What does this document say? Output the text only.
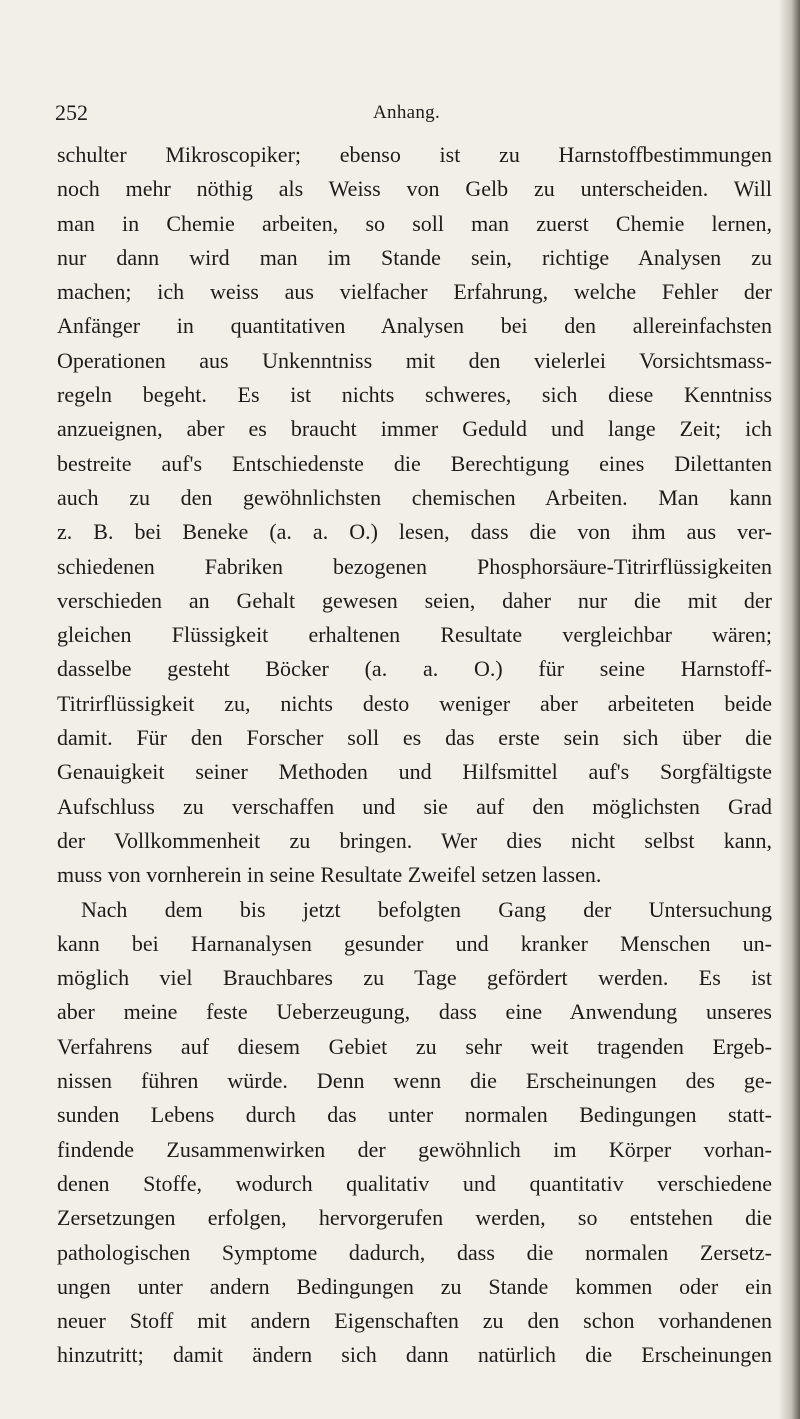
252	Anhang.
schulter Mikroscopiker; ebenso ist zu Harnstoffbestimmungen
noch mehr nöthig als Weiss von Gelb zu unterscheiden. Will
man in Chemie arbeiten, so soll man zuerst Chemie lernen,
nur dann wird man im Stande sein, richtige Analysen zu
machen; ich weiss aus vielfacher Erfahrung, welche Fehler der
Anfänger in quantitativen Analysen bei den allereinfachsten
Operationen aus Unkenntniss mit den vielerlei Vorsichtsmass-
regeln begeht. Es ist nichts schweres, sich diese Kenntniss
anzueignen, aber es braucht immer Geduld und lange Zeit; ich
bestreite auf's Entschiedenste die Berechtigung eines Dilettanten
auch zu den gewöhnlichsten chemischen Arbeiten. Man kann
z. B. bei Beneke (a. a. O.) lesen, dass die von ihm aus ver-
schiedenen Fabriken bezogenen Phosphorsäure-Titrirflüssigkeiten
verschieden an Gehalt gewesen seien, daher nur die mit der
gleichen Flüssigkeit erhaltenen Resultate vergleichbar wären;
dasselbe gesteht Böcker (a. a. O.) für seine Harnstoff-
Titrirflüssigkeit zu, nichts desto weniger aber arbeiteten beide
damit. Für den Forscher soll es das erste sein sich über die
Genauigkeit seiner Methoden und Hilfsmittel auf's Sorgfältigste
Aufschluss zu verschaffen und sie auf den möglichsten Grad
der Vollkommenheit zu bringen. Wer dies nicht selbst kann,
muss von vornherein in seine Resultate Zweifel setzen lassen.
Nach dem bis jetzt befolgten Gang der Untersuchung
kann bei Harnanalysen gesunder und kranker Menschen un-
möglich viel Brauchbares zu Tage gefördert werden. Es ist
aber meine feste Ueberzeugung, dass eine Anwendung unseres
Verfahrens auf diesem Gebiet zu sehr weit tragenden Ergeb-
nissen führen würde. Denn wenn die Erscheinungen des ge-
sunden Lebens durch das unter normalen Bedingungen statt-
findende Zusammenwirken der gewöhnlich im Körper vorhan-
denen Stoffe, wodurch qualitativ und quantitativ verschiedene
Zersetzungen erfolgen, hervorgerufen werden, so entstehen die
pathologischen Symptome dadurch, dass die normalen Zersetz-
ungen unter andern Bedingungen zu Stande kommen oder ein
neuer Stoff mit andern Eigenschaften zu den schon vorhandenen
hinzutritt; damit ändern sich dann natürlich die Erscheinungen
